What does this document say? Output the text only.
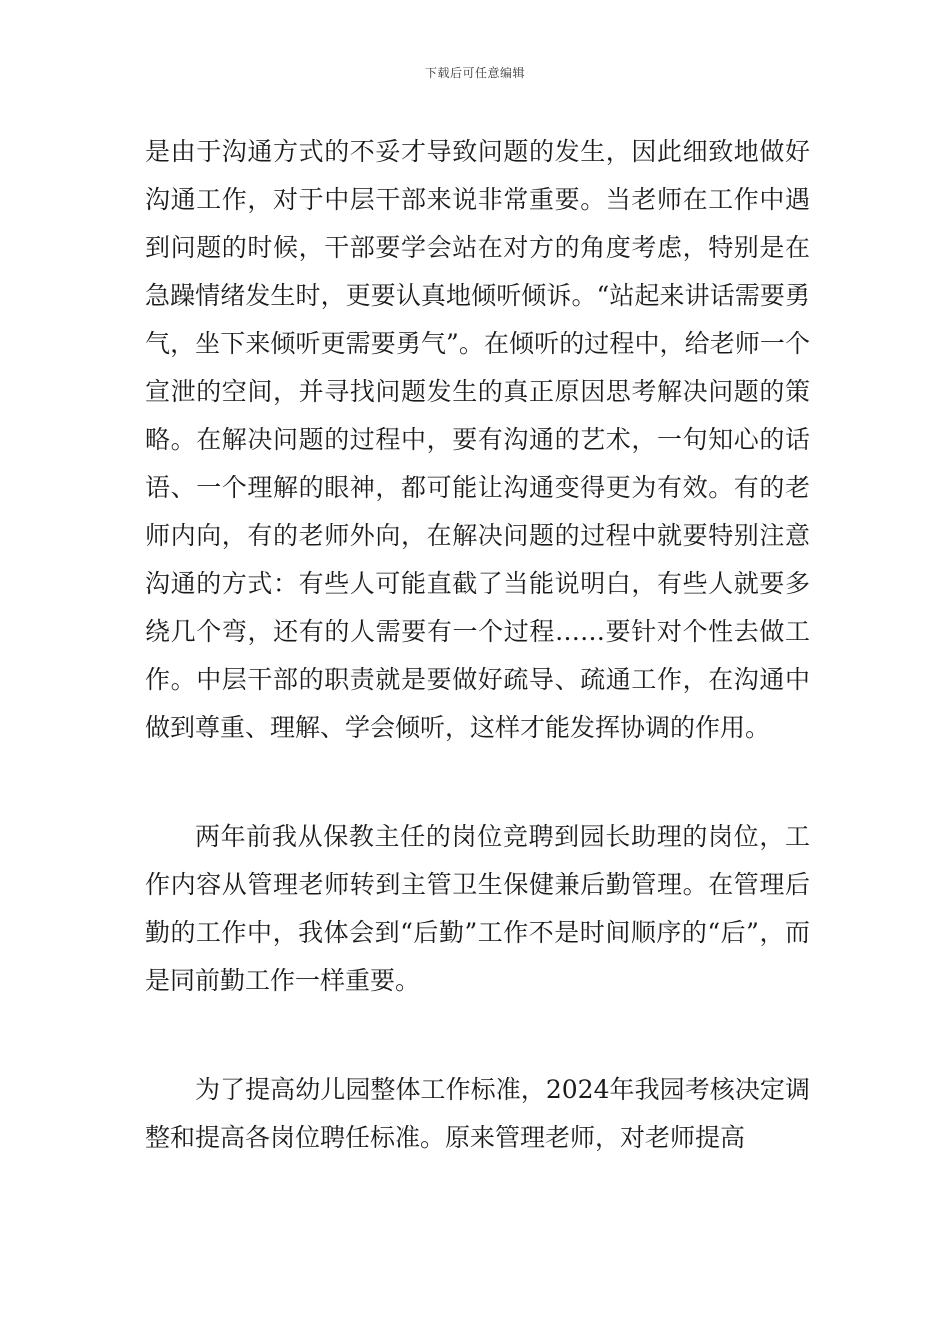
下载后可任意编辑

是由于沟通方式的不妥才导致问题的发生，因此细致地做好沟通工作，对于中层干部来说非常重要。当老师在工作中遇到问题的时候，干部要学会站在对方的角度考虑，特别是在急躁情绪发生时，更要认真地倾听倾诉。“站起来讲话需要勇气，坐下来倾听更需要勇气”。在倾听的过程中，给老师一个宣泄的空间，并寻找问题发生的真正原因思考解决问题的策略。在解决问题的过程中，要有沟通的艺术，一句知心的话语、一个理解的眼神，都可能让沟通变得更为有效。有的老师内向，有的老师外向，在解决问题的过程中就要特别注意沟通的方式：有些人可能直截了当能说明白，有些人就要多绕几个弯，还有的人需要有一个过程……要针对个性去做工作。中层干部的职责就是要做好疏导、疏通工作，在沟通中做到尊重、理解、学会倾听，这样才能发挥协调的作用。

两年前我从保教主任的岗位竞聘到园长助理的岗位，工作内容从管理老师转到主管卫生保健兼后勤管理。在管理后勤的工作中，我体会到“后勤”工作不是时间顺序的“后”，而是同前勤工作一样重要。

为了提高幼儿园整体工作标准，2024年我园考核决定调整和提高各岗位聘任标准。原来管理老师，对老师提高
